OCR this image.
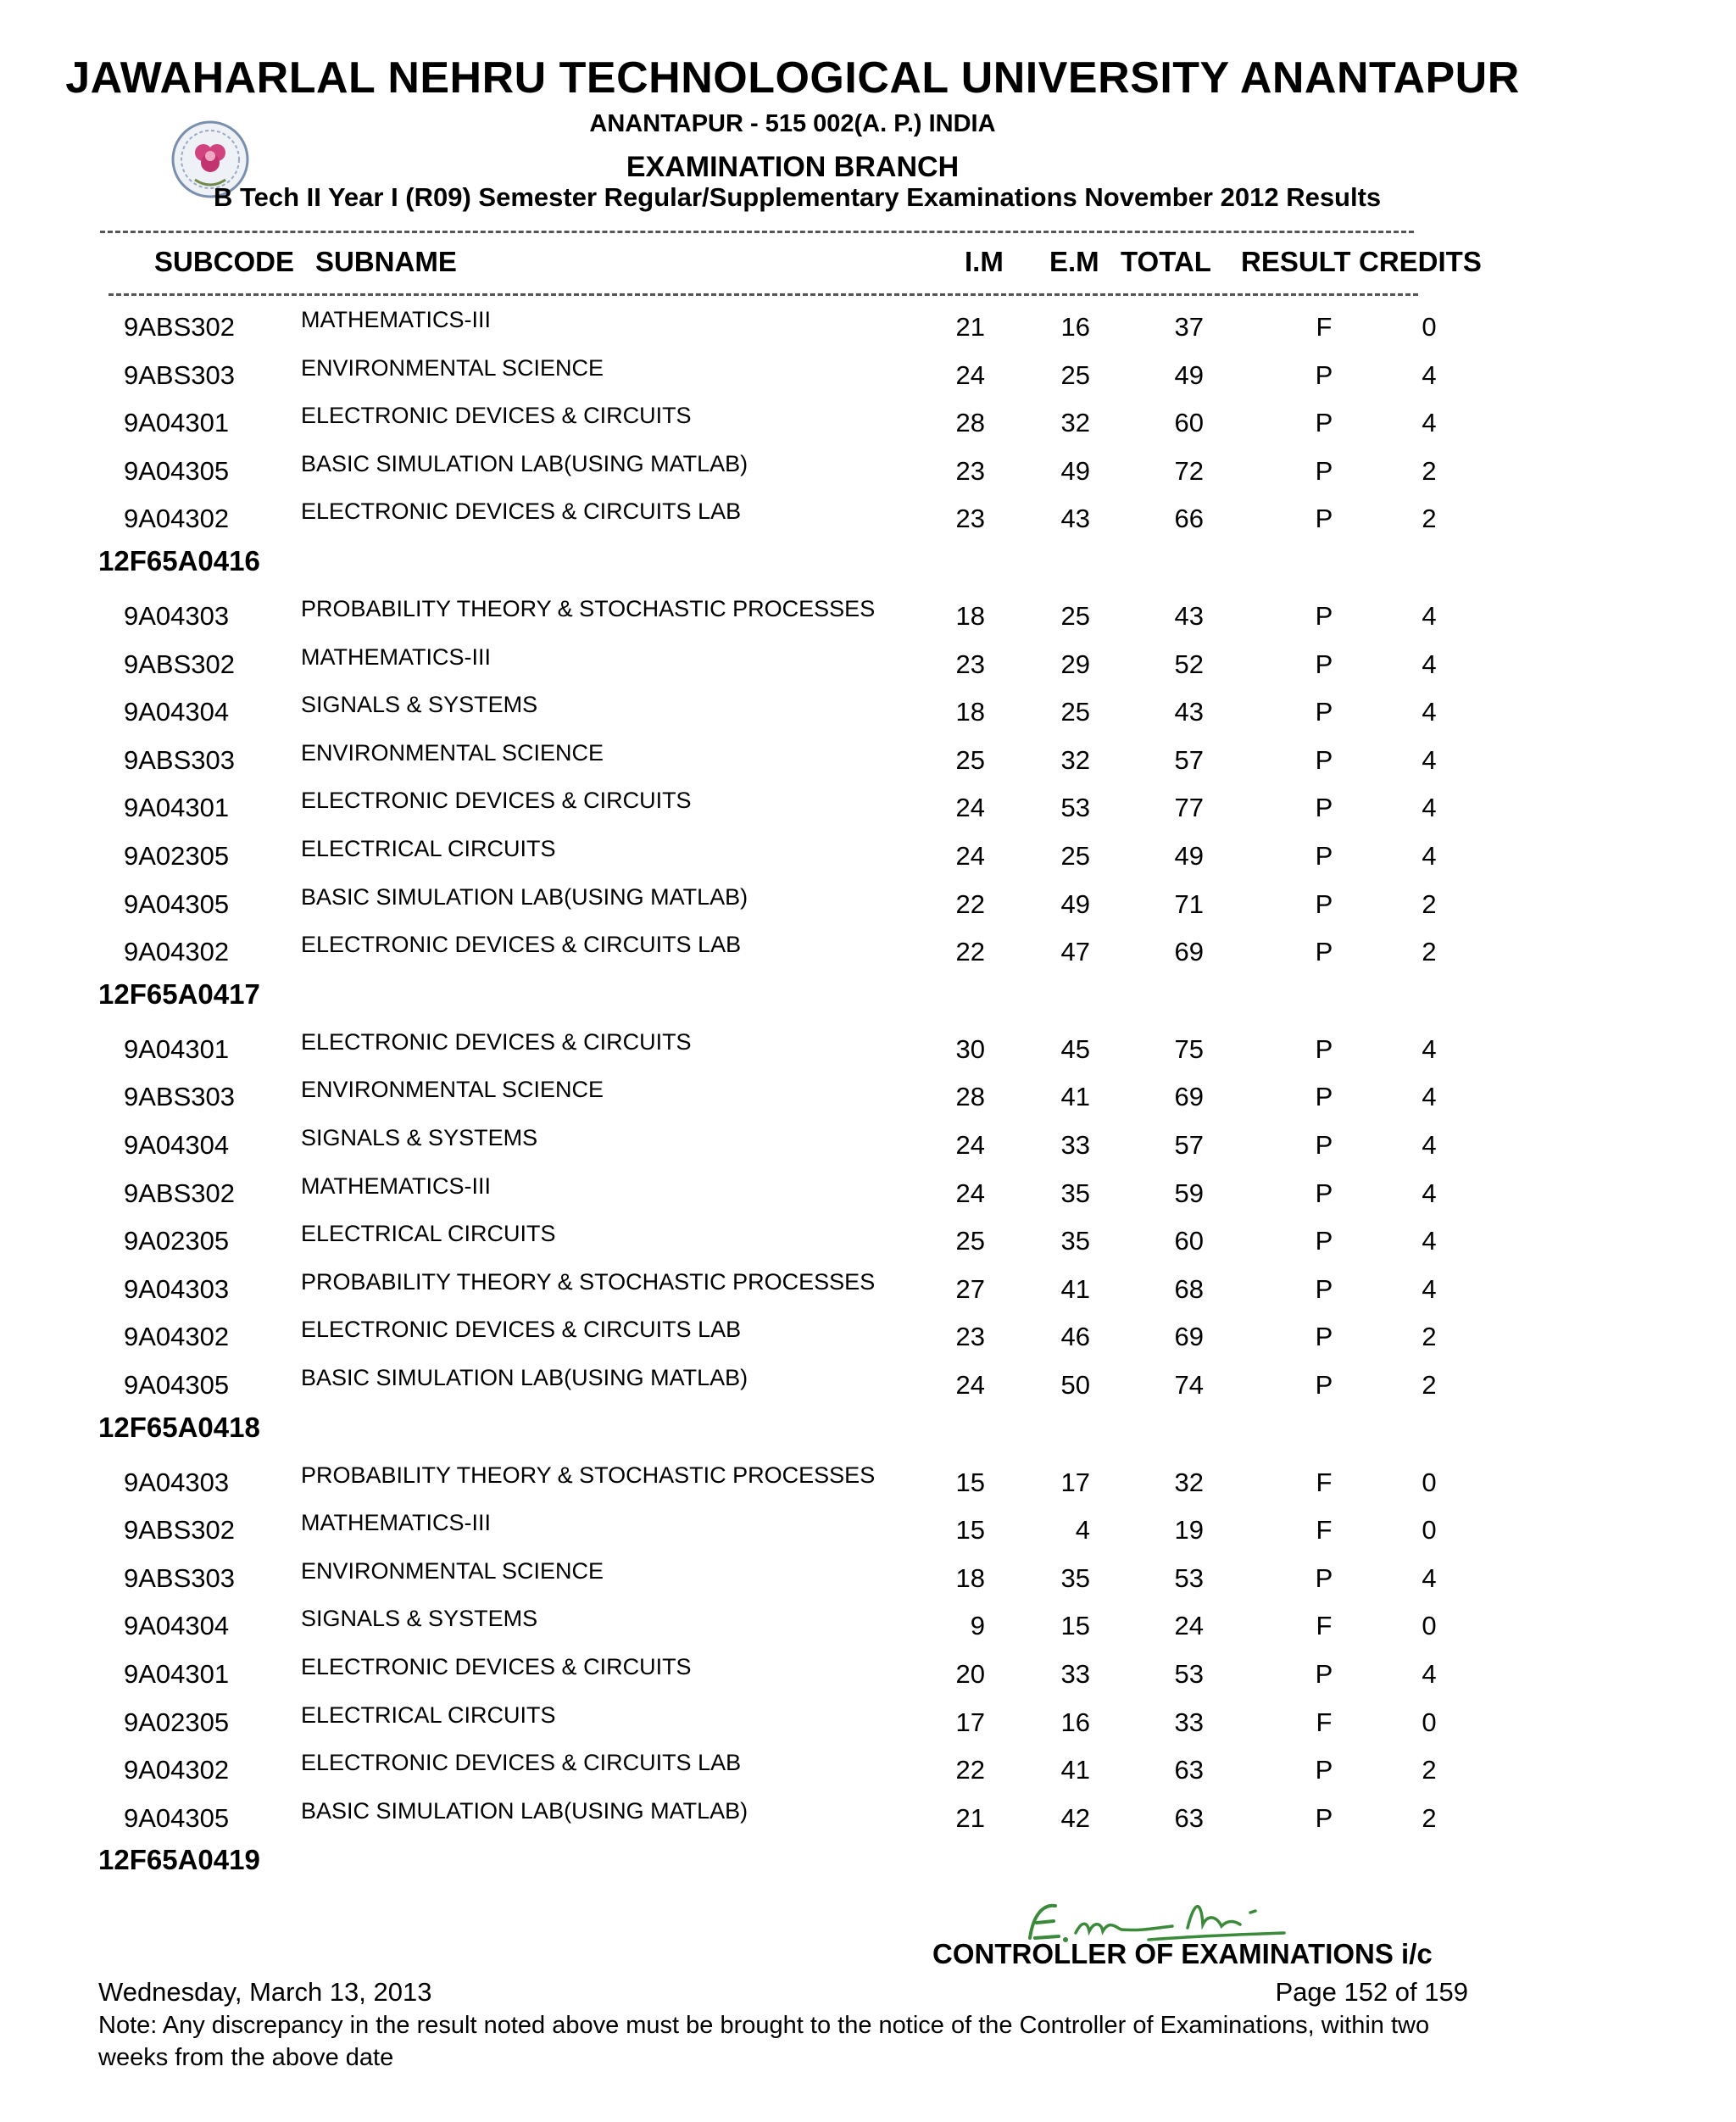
JAWAHARLAL NEHRU TECHNOLOGICAL UNIVERSITY ANANTAPUR
ANANTAPUR - 515 002(A. P.) INDIA
EXAMINATION BRANCH
B Tech II Year I (R09) Semester Regular/Supplementary Examinations November 2012 Results
SUBCODE SUBNAME	I.M E.M TOTAL RESULT CREDITS
9ABS302	MATHEMATICS-III	21	16	37	F	0
9ABS303	ENVIRONMENTAL SCIENCE	24	25	49	P	4
9A04301	ELECTRONIC DEVICES & CIRCUITS	28	32	60	P	4
9A04305	BASIC SIMULATION LAB(USING MATLAB)	23	49	72	P	2
9A04302	ELECTRONIC DEVICES & CIRCUITS LAB	23	43	66	P	2
12F65A0416
9A04303	PROBABILITY THEORY & STOCHASTIC PROCESSES	18	25	43	P	4
9ABS302	MATHEMATICS-III	23	29	52	P	4
9A04304	SIGNALS & SYSTEMS	18	25	43	P	4
9ABS303	ENVIRONMENTAL SCIENCE	25	32	57	P	4
9A04301	ELECTRONIC DEVICES & CIRCUITS	24	53	77	P	4
9A02305	ELECTRICAL CIRCUITS	24	25	49	P	4
9A04305	BASIC SIMULATION LAB(USING MATLAB)	22	49	71	P	2
9A04302	ELECTRONIC DEVICES & CIRCUITS LAB	22	47	69	P	2
12F65A0417
9A04301	ELECTRONIC DEVICES & CIRCUITS	30	45	75	P	4
9ABS303	ENVIRONMENTAL SCIENCE	28	41	69	P	4
9A04304	SIGNALS & SYSTEMS	24	33	57	P	4
9ABS302	MATHEMATICS-III	24	35	59	P	4
9A02305	ELECTRICAL CIRCUITS	25	35	60	P	4
9A04303	PROBABILITY THEORY & STOCHASTIC PROCESSES	27	41	68	P	4
9A04302	ELECTRONIC DEVICES & CIRCUITS LAB	23	46	69	P	2
9A04305	BASIC SIMULATION LAB(USING MATLAB)	24	50	74	P	2
12F65A0418
9A04303	PROBABILITY THEORY & STOCHASTIC PROCESSES	15	17	32	F	0
9ABS302	MATHEMATICS-III	15	4	19	F	0
9ABS303	ENVIRONMENTAL SCIENCE	18	35	53	P	4
9A04304	SIGNALS & SYSTEMS	9	15	24	F	0
9A04301	ELECTRONIC DEVICES & CIRCUITS	20	33	53	P	4
9A02305	ELECTRICAL CIRCUITS	17	16	33	F	0
9A04302	ELECTRONIC DEVICES & CIRCUITS LAB	22	41	63	P	2
9A04305	BASIC SIMULATION LAB(USING MATLAB)	21	42	63	P	2
12F65A0419
CONTROLLER OF EXAMINATIONS i/c
Wednesday, March 13, 2013	Page 152 of 159
Note: Any discrepancy in the result noted above must be brought to the notice of the Controller of Examinations, within two weeks from the above date
